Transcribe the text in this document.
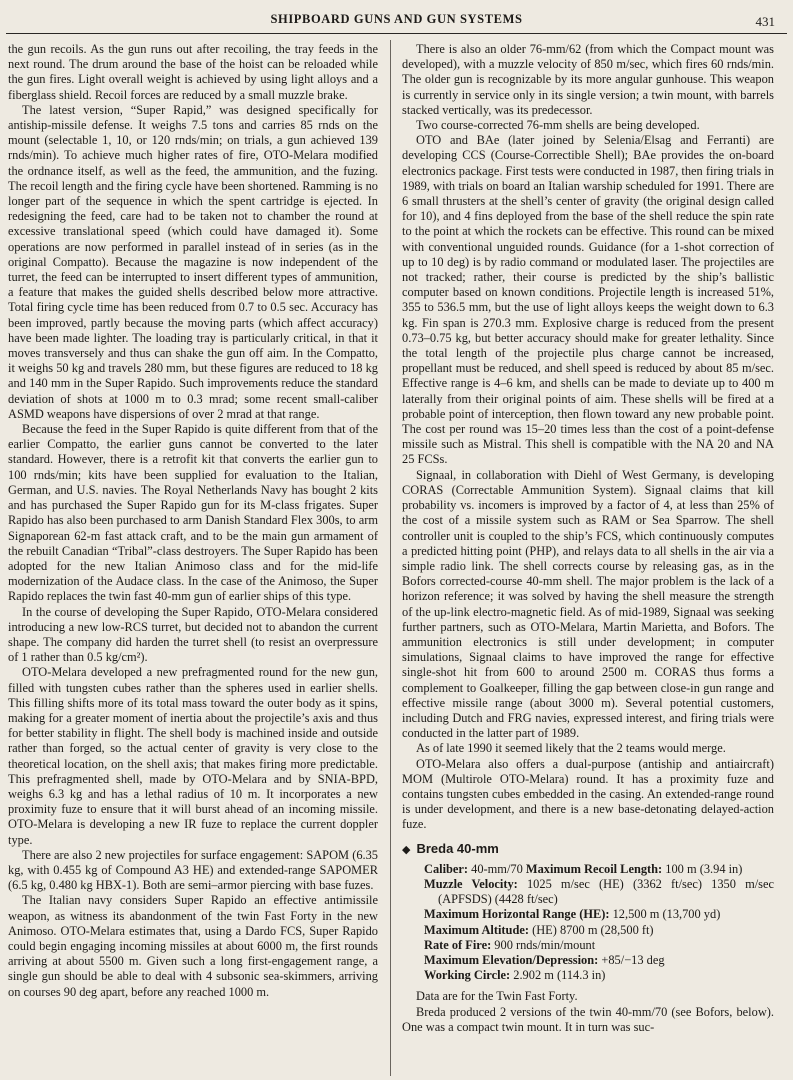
SHIPBOARD GUNS AND GUN SYSTEMS	431

the gun recoils. As the gun runs out after recoiling, the tray feeds in the next round. The drum around the base of the hoist can be reloaded while the gun fires. Light overall weight is achieved by using light alloys and a fiberglass shield. Recoil forces are reduced by a small muzzle brake.

The latest version, “Super Rapid,” was designed specifically for antiship-missile defense. It weighs 7.5 tons and carries 85 rnds on the mount (selectable 1, 10, or 120 rnds/min; on trials, a gun achieved 139 rnds/min). To achieve much higher rates of fire, OTO-Melara modified the ordnance itself, as well as the feed, the ammunition, and the fuzing. The recoil length and the firing cycle have been shortened. Ramming is no longer part of the sequence in which the spent cartridge is ejected. In redesigning the feed, care had to be taken not to chamber the round at excessive translational speed (which could have damaged it). Some operations are now performed in parallel instead of in series (as in the original Compatto). Because the magazine is now independent of the turret, the feed can be interrupted to insert different types of ammunition, a feature that makes the guided shells described below more attractive. Total firing cycle time has been reduced from 0.7 to 0.5 sec. Accuracy has been improved, partly because the moving parts (which affect accuracy) have been made lighter. The loading tray is particularly critical, in that it moves transversely and thus can shake the gun off aim. In the Compatto, it weighs 50 kg and travels 280 mm, but these figures are reduced to 18 kg and 140 mm in the Super Rapido. Such improvements reduce the standard deviation of shots at 1000 m to 0.3 mrad; some recent small-caliber ASMD weapons have dispersions of over 2 mrad at that range.

Because the feed in the Super Rapido is quite different from that of the earlier Compatto, the earlier guns cannot be converted to the later standard. However, there is a retrofit kit that converts the earlier gun to 100 rnds/min; kits have been supplied for evaluation to the Italian, German, and U.S. navies. The Royal Netherlands Navy has bought 2 kits and has purchased the Super Rapido gun for its M-class frigates. Super Rapido has also been purchased to arm Danish Standard Flex 300s, to arm Signaporean 62-m fast attack craft, and to be the main gun armament of the rebuilt Canadian “Tribal”-class destroyers. The Super Rapido has been adopted for the new Italian Animoso class and for the mid-life modernization of the Audace class. In the case of the Animoso, the Super Rapido replaces the twin fast 40-mm gun of earlier ships of this type.

In the course of developing the Super Rapido, OTO-Melara considered introducing a new low-RCS turret, but decided not to abandon the current shape. The company did harden the turret shell (to resist an overpressure of 1 rather than 0.5 kg/cm²).

OTO-Melara developed a new prefragmented round for the new gun, filled with tungsten cubes rather than the spheres used in earlier shells. This filling shifts more of its total mass toward the outer body as it spins, making for a greater moment of inertia about the projectile’s axis and thus for better stability in flight. The shell body is machined inside and outside rather than forged, so the actual center of gravity is very close to the theoretical location, on the shell axis; that makes firing more predictable. This prefragmented shell, made by OTO-Melara and by SNIA-BPD, weighs 6.3 kg and has a lethal radius of 10 m. It incorporates a new proximity fuze to ensure that it will burst ahead of an incoming missile. OTO-Melara is developing a new IR fuze to replace the current doppler type.

There are also 2 new projectiles for surface engagement: SAPOM (6.35 kg, with 0.455 kg of Compound A3 HE) and extended-range SAPOMER (6.5 kg, 0.480 kg HBX-1). Both are semi–armor piercing with base fuzes.

The Italian navy considers Super Rapido an effective antimissile weapon, as witness its abandonment of the twin Fast Forty in the new Animoso. OTO-Melara estimates that, using a Dardo FCS, Super Rapido could begin engaging incoming missiles at about 6000 m, the first rounds arriving at about 5500 m. Given such a long first-engagement range, a single gun should be able to deal with 4 subsonic sea-skimmers, arriving on courses 90 deg apart, before any reached 1000 m.

There is also an older 76-mm/62 (from which the Compact mount was developed), with a muzzle velocity of 850 m/sec, which fires 60 rnds/min. The older gun is recognizable by its more angular gunhouse. This weapon is currently in service only in its single version; a twin mount, with barrels stacked vertically, was its predecessor.

Two course-corrected 76-mm shells are being developed.

OTO and BAe (later joined by Selenia/Elsag and Ferranti) are developing CCS (Course-Correctible Shell); BAe provides the on-board electronics package. First tests were conducted in 1987, then firing trials in 1989, with trials on board an Italian warship scheduled for 1991. There are 6 small thrusters at the shell’s center of gravity (the original design called for 10), and 4 fins deployed from the base of the shell reduce the spin rate to the point at which the rockets can be effective. This round can be mixed with conventional unguided rounds. Guidance (for a 1-shot correction of up to 10 deg) is by radio command or modulated laser. The projectiles are not tracked; rather, their course is predicted by the ship’s ballistic computer based on known conditions. Projectile length is increased 51%, 355 to 536.5 mm, but the use of light alloys keeps the weight down to 6.3 kg. Fin span is 270.3 mm. Explosive charge is reduced from the present 0.73–0.75 kg, but better accuracy should make for greater lethality. Since the total length of the projectile plus charge cannot be increased, propellant must be reduced, and shell speed is reduced by about 85 m/sec. Effective range is 4–6 km, and shells can be made to deviate up to 400 m laterally from their original points of aim. These shells will be fired at a probable point of interception, then flown toward any new probable point. The cost per round was 15–20 times less than the cost of a point-defense missile such as Mistral. This shell is compatible with the NA 20 and NA 25 FCSs.

Signaal, in collaboration with Diehl of West Germany, is developing CORAS (Correctable Ammunition System). Signaal claims that kill probability vs. incomers is improved by a factor of 4, at less than 25% of the cost of a missile system such as RAM or Sea Sparrow. The shell controller unit is coupled to the ship’s FCS, which continuously computes a predicted hitting point (PHP), and relays data to all shells in the air via a simple radio link. The shell corrects course by releasing gas, as in the Bofors corrected-course 40-mm shell. The major problem is the lack of a horizon reference; it was solved by having the shell measure the strength of the up-link electro-magnetic field. As of mid-1989, Signaal was seeking further partners, such as OTO-Melara, Martin Marietta, and Bofors. The ammunition electronics is still under development; in computer simulations, Signaal claims to have improved the range for effective single-shot hit from 600 to around 2500 m. CORAS thus forms a complement to Goalkeeper, filling the gap between close-in gun range and effective missile range (about 3000 m). Several potential customers, including Dutch and FRG navies, expressed interest, and firing trials were conducted in the latter part of 1989.

As of late 1990 it seemed likely that the 2 teams would merge.

OTO-Melara also offers a dual-purpose (antiship and antiaircraft) MOM (Multirole OTO-Melara) round. It has a proximity fuze and contains tungsten cubes embedded in the casing. An extended-range round is under development, and there is a new base-detonating delayed-action fuze.

◆ Breda 40-mm
Caliber: 40-mm/70 Maximum Recoil Length: 100 m (3.94 in)
Muzzle Velocity: 1025 m/sec (HE) (3362 ft/sec) 1350 m/sec (APFSDS) (4428 ft/sec)
Maximum Horizontal Range (HE): 12,500 m (13,700 yd)
Maximum Altitude: (HE) 8700 m (28,500 ft)
Rate of Fire: 900 rnds/min/mount
Maximum Elevation/Depression: +85/−13 deg
Working Circle: 2.902 m (114.3 in)

Data are for the Twin Fast Forty.

Breda produced 2 versions of the twin 40-mm/70 (see Bofors, below). One was a compact twin mount. It in turn was suc-
